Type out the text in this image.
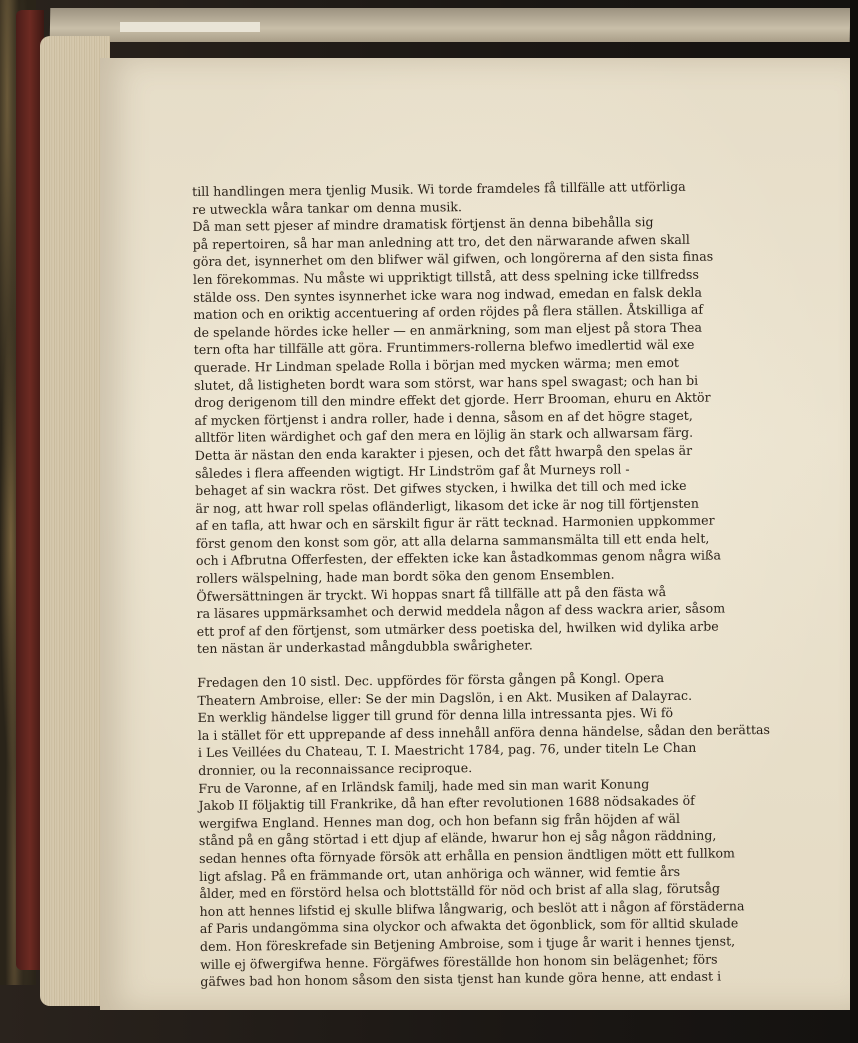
till handlingen mera tjenlig Musik. Wi torde framdeles få tillfälle att utförliga

re utweckla wåra tankar om denna musik.

Då man sett pjeser af mindre dramatisk förtjenst än denna bibehålla sig

på repertoiren, så har man anledning att tro, det den närwarande afwen skall

göra det, isynnerhet om den blifwer wäl gifwen, och longörerna af den sista finas

len förekommas. Nu måste wi uppriktigt tillstå, att dess spelning icke tillfredss

stälde oss. Den syntes isynnerhet icke wara nog indwad, emedan en falsk dekla

mation och en oriktig accentuering af orden röjdes på flera ställen. Åtskilliga af

de spelande hördes icke heller — en anmärkning, som man eljest på stora Thea

tern ofta har tillfälle att göra. Fruntimmers-rollerna blefwo imedlertid wäl exe

querade. Hr Lindman spelade Rolla i början med mycken wärma; men emot

slutet, då listigheten bordt wara som störst, war hans spel swagast; och han bi

drog derigenom till den mindre effekt det gjorde. Herr Brooman, ehuru en Aktör

af mycken förtjenst i andra roller, hade i denna, såsom en af det högre staget,

alltför liten wärdighet och gaf den mera en löjlig än stark och allwarsam färg.

Detta är nästan den enda karakter i pjesen, och det fått hwarpå den spelas är

således i flera affeenden wigtigt. Hr Lindström gaf åt Murneys roll -

behaget af sin wackra röst. Det gifwes stycken, i hwilka det till och med icke

är nog, att hwar roll spelas ofländerligt, likasom det icke är nog till förtjensten

af en tafla, att hwar och en särskilt figur är rätt tecknad. Harmonien uppkommer

först genom den konst som gör, att alla delarna sammansmälta till ett enda helt,

och i Afbrutna Offerfesten, der effekten icke kan åstadkommas genom några wißa

rollers wälspelning, hade man bordt söka den genom Ensemblen.

Öfwersättningen är tryckt. Wi hoppas snart få tillfälle att på den fästa wå

ra läsares uppmärksamhet och derwid meddela någon af dess wackra arier, såsom

ett prof af den förtjenst, som utmärker dess poetiska del, hwilken wid dylika arbe

ten nästan är underkastad mångdubbla swårigheter.

Fredagen den 10 sistl. Dec. uppfördes för första gången på Kongl. Opera

Theatern Ambroise, eller: Se der min Dagslön, i en Akt. Musiken af Dalayrac.

En werklig händelse ligger till grund för denna lilla intressanta pjes. Wi fö

la i stället för ett upprepande af dess innehåll anföra denna händelse, sådan den berättas

i Les Veillées du Chateau, T. I. Maestricht 1784, pag. 76, under titeln Le Chan

dronnier, ou la reconnaissance reciproque.

Fru de Varonne, af en Irländsk familj, hade med sin man warit Konung

Jakob II följaktig till Frankrike, då han efter revolutionen 1688 nödsakades öf

wergifwa England. Hennes man dog, och hon befann sig från höjden af wäl

stånd på en gång störtad i ett djup af elände, hwarur hon ej såg någon räddning,

sedan hennes ofta förnyade försök att erhålla en pension ändtligen mött ett fullkom

ligt afslag. På en främmande ort, utan anhöriga och wänner, wid femtie års

ålder, med en förstörd helsa och blottställd för nöd och brist af alla slag, förutsåg

hon att hennes lifstid ej skulle blifwa långwarig, och beslöt att i någon af förstäderna

af Paris undangömma sina olyckor och afwakta det ögonblick, som för alltid skulade

dem. Hon föreskrefade sin Betjening Ambroise, som i tjuge år warit i hennes tjenst,

wille ej öfwergifwa henne. Förgäfwes föreställde hon honom sin belägenhet; förs

gäfwes bad hon honom såsom den sista tjenst han kunde göra henne, att endast i
